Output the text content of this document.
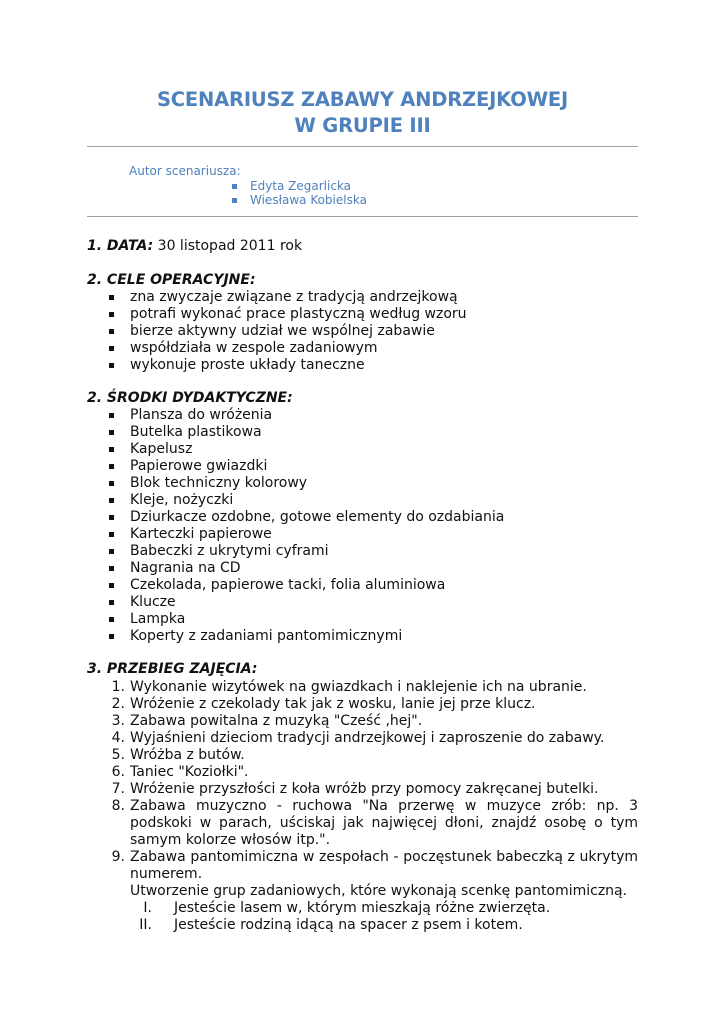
SCENARIUSZ ZABAWY ANDRZEJKOWEJ
W GRUPIE III
Autor scenariusza:
Edyta Zegarlicka
Wiesława Kobielska
1. DATA: 30 listopad 2011 rok
2. CELE OPERACYJNE:
zna zwyczaje związane z tradycją andrzejkową
potrafi wykonać prace plastyczną według wzoru
bierze aktywny udział we wspólnej zabawie
współdziała w zespole zadaniowym
wykonuje proste układy taneczne
2. ŚRODKI DYDAKTYCZNE:
Plansza do wróżenia
Butelka plastikowa
Kapelusz
Papierowe gwiazdki
Blok techniczny kolorowy
Kleje, nożyczki
Dziurkacze ozdobne, gotowe elementy do ozdabiania
Karteczki papierowe
Babeczki z ukrytymi cyframi
Nagrania na CD
Czekolada, papierowe tacki, folia aluminiowa
Klucze
Lampka
Koperty z zadaniami pantomimicznymi
3. PRZEBIEG ZAJĘCIA:
1. Wykonanie wizytówek na gwiazdkach i naklejenie ich na ubranie.
2. Wróżenie z czekolady tak jak z wosku, lanie jej prze klucz.
3. Zabawa powitalna z muzyką "Cześć ,hej".
4. Wyjaśnieni dzieciom tradycji andrzejkowej i zaproszenie do zabawy.
5. Wróżba z butów.
6. Taniec "Koziołki".
7. Wróżenie przyszłości z koła wróżb przy pomocy zakręcanej butelki.
8. Zabawa muzyczno - ruchowa "Na przerwę w muzyce zrób: np. 3 podskoki w parach, uściskaj jak najwięcej dłoni, znajdź osobę o tym samym kolorze włosów itp.".
9. Zabawa pantomimiczna w zespołach - poczęstunek babeczką z ukrytym numerem.
Utworzenie grup zadaniowych, które wykonają scenkę pantomimiczną.
I. Jesteście lasem w, którym mieszkają różne zwierzęta.
II. Jesteście rodziną idącą na spacer z psem i kotem.
